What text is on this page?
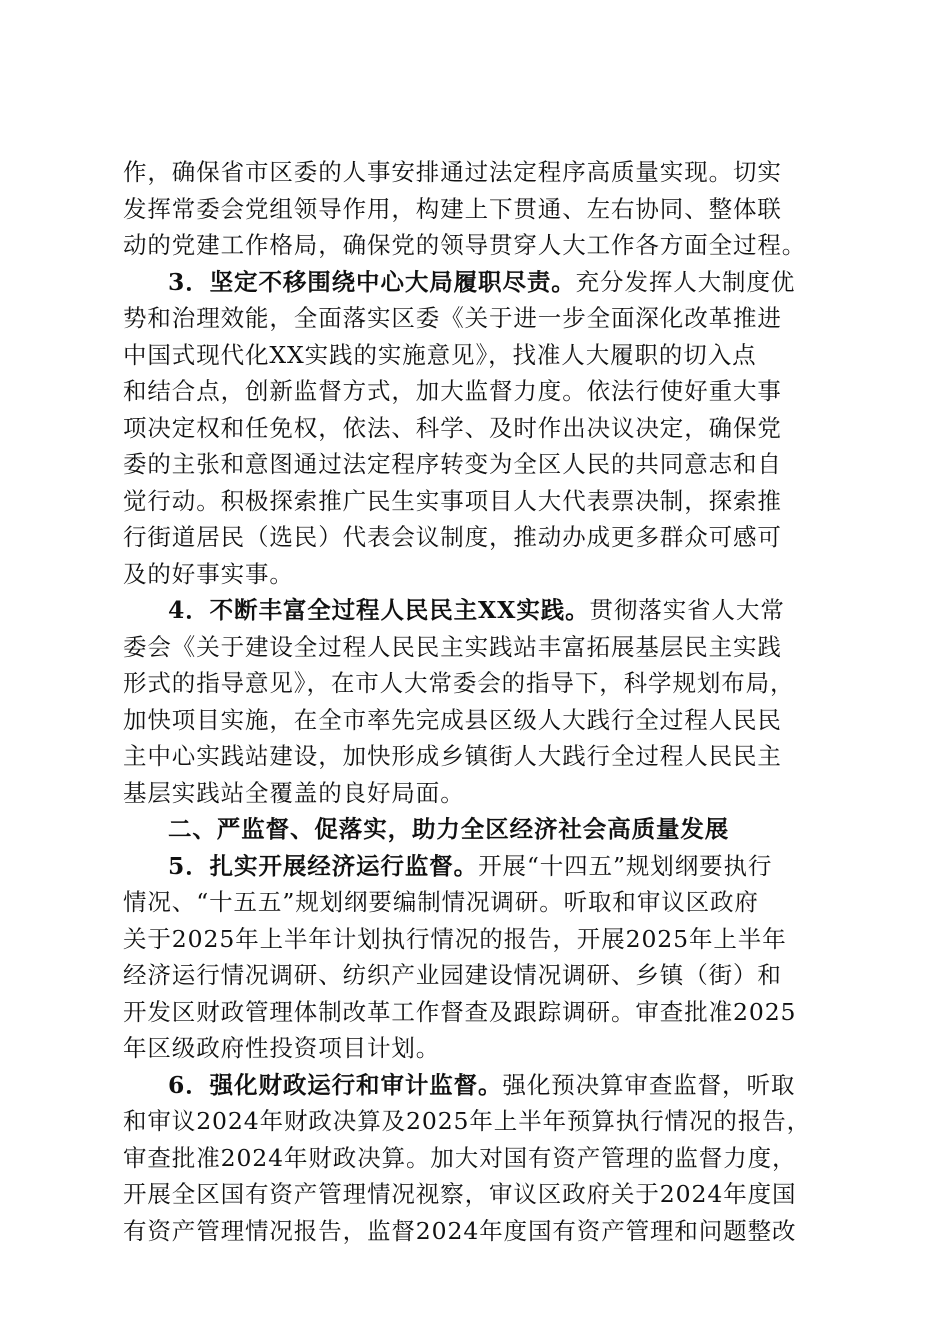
作，确保省市区委的人事安排通过法定程序高质量实现。切实
发挥常委会党组领导作用，构建上下贯通、左右协同、整体联
动的党建工作格局，确保党的领导贯穿人大工作各方面全过程。
3．坚定不移围绕中心大局履职尽责。充分发挥人大制度优
势和治理效能，全面落实区委《关于进一步全面深化改革推进
中国式现代化XX实践的实施意见》，找准人大履职的切入点
和结合点，创新监督方式，加大监督力度。依法行使好重大事
项决定权和任免权，依法、科学、及时作出决议决定，确保党
委的主张和意图通过法定程序转变为全区人民的共同意志和自
觉行动。积极探索推广民生实事项目人大代表票决制，探索推
行街道居民（选民）代表会议制度，推动办成更多群众可感可
及的好事实事。
4．不断丰富全过程人民民主XX实践。贯彻落实省人大常
委会《关于建设全过程人民民主实践站丰富拓展基层民主实践
形式的指导意见》，在市人大常委会的指导下，科学规划布局，
加快项目实施，在全市率先完成县区级人大践行全过程人民民
主中心实践站建设，加快形成乡镇街人大践行全过程人民民主
基层实践站全覆盖的良好局面。
二、严监督、促落实，助力全区经济社会高质量发展
5．扎实开展经济运行监督。开展“十四五”规划纲要执行
情况、“十五五”规划纲要编制情况调研。听取和审议区政府
关于2025年上半年计划执行情况的报告，开展2025年上半年
经济运行情况调研、纺织产业园建设情况调研、乡镇（街）和
开发区财政管理体制改革工作督查及跟踪调研。审查批准2025
年区级政府性投资项目计划。
6．强化财政运行和审计监督。强化预决算审查监督，听取
和审议2024年财政决算及2025年上半年预算执行情况的报告，
审查批准2024年财政决算。加大对国有资产管理的监督力度，
开展全区国有资产管理情况视察，审议区政府关于2024年度国
有资产管理情况报告，监督2024年度国有资产管理和问题整改
